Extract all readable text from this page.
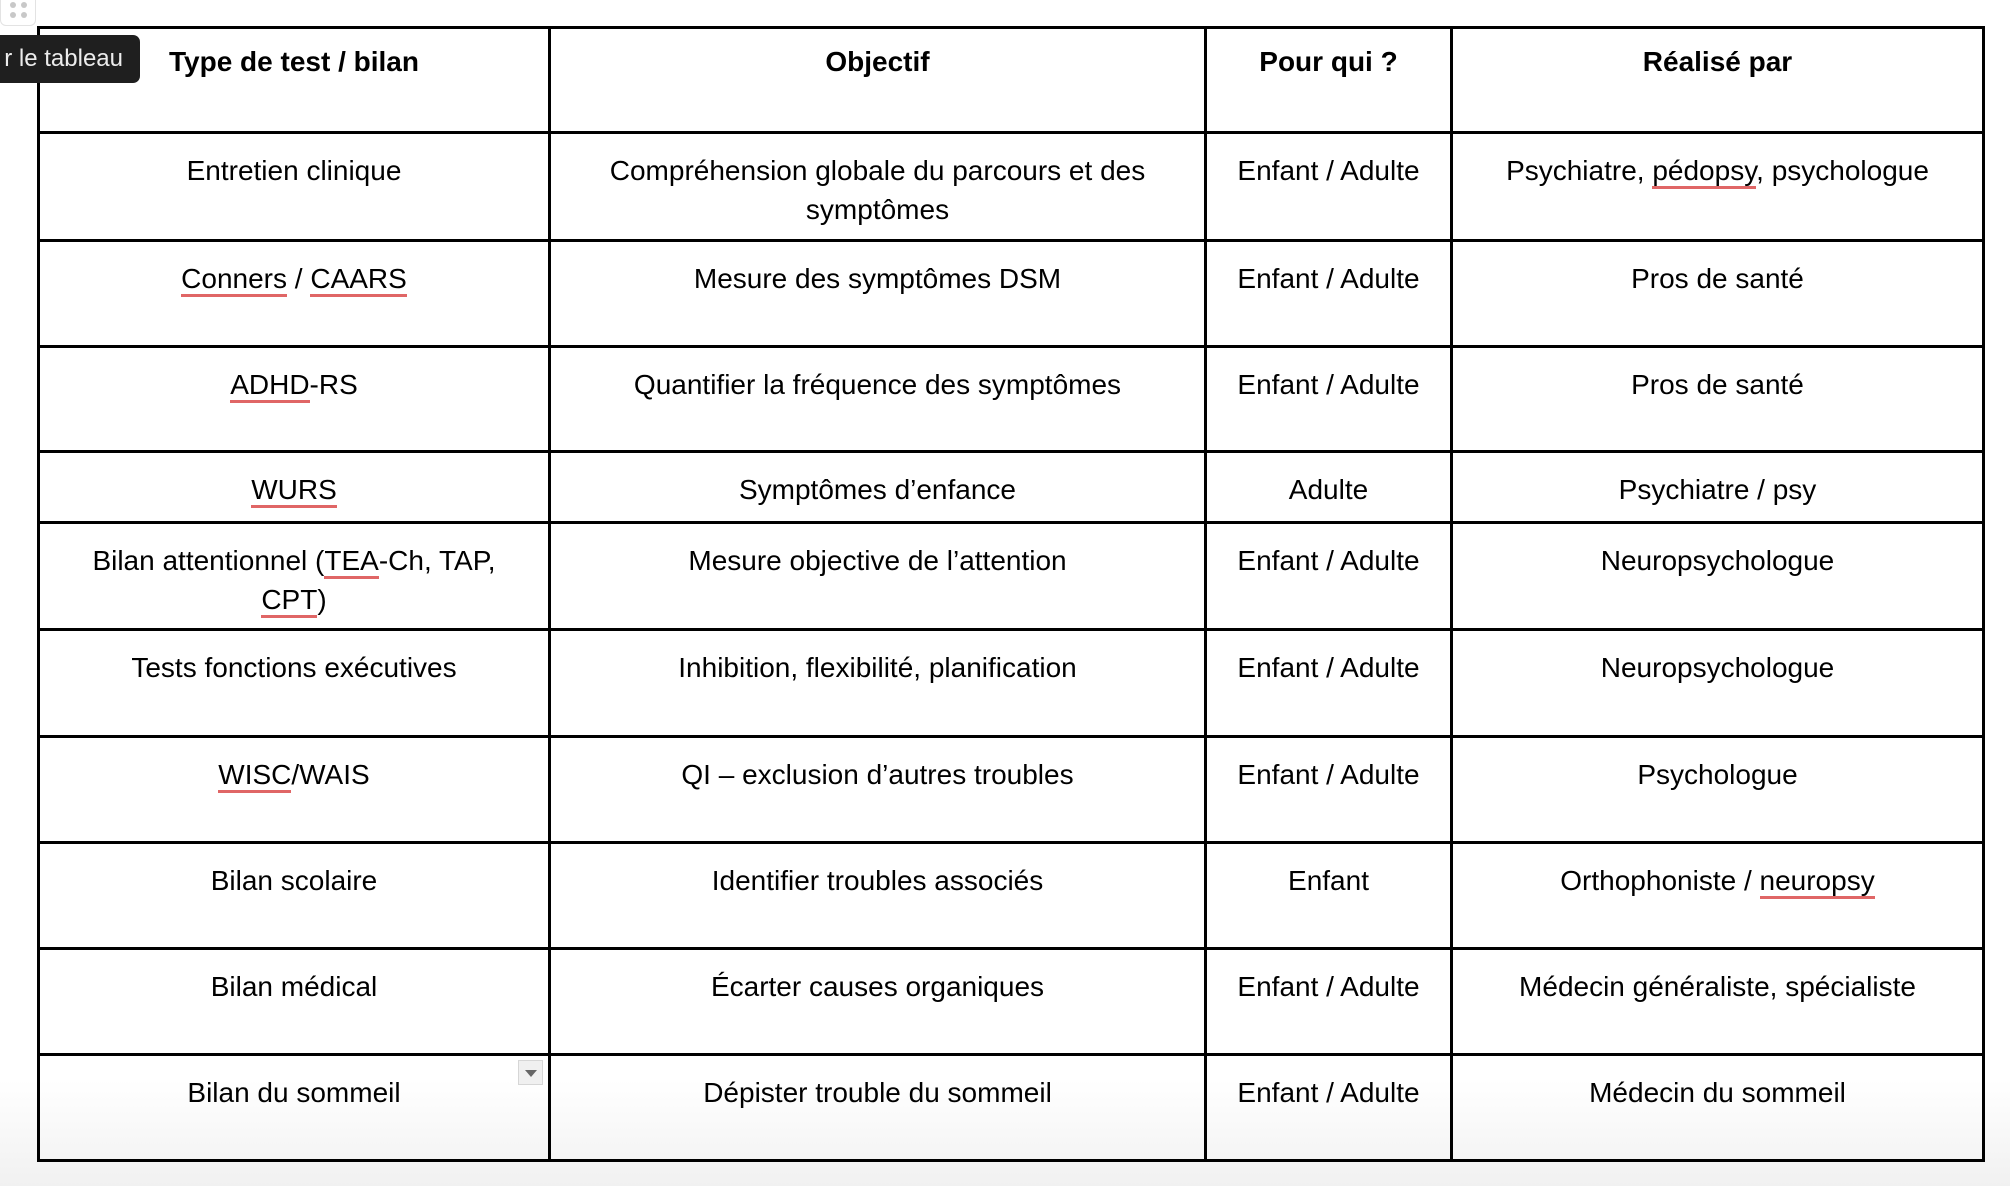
r le tableau	Type de test / bilan	Objectif	Pour qui ?	Réalisé par

Entretien clinique	Compréhension globale du parcours et des symptômes	Enfant / Adulte	Psychiatre, pédopsy, psychologue

Conners / CAARS	Mesure des symptômes DSM	Enfant / Adulte	Pros de santé

ADHD-RS	Quantifier la fréquence des symptômes	Enfant / Adulte	Pros de santé

WURS	Symptômes d’enfance	Adulte	Psychiatre / psy

Bilan attentionnel (TEA-Ch, TAP, CPT)	Mesure objective de l’attention	Enfant / Adulte	Neuropsychologue

Tests fonctions exécutives	Inhibition, flexibilité, planification	Enfant / Adulte	Neuropsychologue

WISC/WAIS	QI – exclusion d’autres troubles	Enfant / Adulte	Psychologue

Bilan scolaire	Identifier troubles associés	Enfant	Orthophoniste / neuropsy

Bilan médical	Écarter causes organiques	Enfant / Adulte	Médecin généraliste, spécialiste

Bilan du sommeil	Dépister trouble du sommeil	Enfant / Adulte	Médecin du sommeil
